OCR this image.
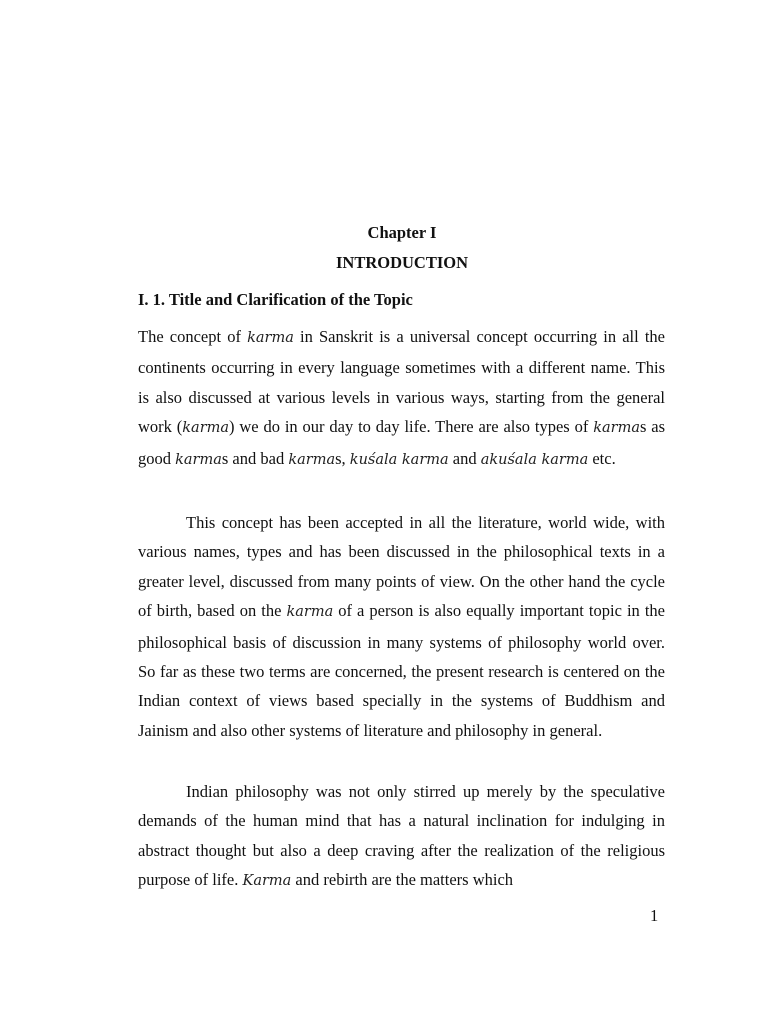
Chapter I

INTRODUCTION

I. 1. Title and Clarification of the Topic

The concept of karma in Sanskrit is a universal concept occurring in all the continents occurring in every language sometimes with a different name. This is also discussed at various levels in various ways, starting from the general work (karma) we do in our day to day life. There are also types of karmas as good karmas and bad karmas, kuśala karma and akuśala karma etc.

This concept has been accepted in all the literature, world wide, with various names, types and has been discussed in the philosophical texts in a greater level, discussed from many points of view. On the other hand the cycle of birth, based on the karma of a person is also equally important topic in the philosophical basis of discussion in many systems of philosophy world over. So far as these two terms are concerned, the present research is centered on the Indian context of views based specially in the systems of Buddhism and Jainism and also other systems of literature and philosophy in general.

Indian philosophy was not only stirred up merely by the speculative demands of the human mind that has a natural inclination for indulging in abstract thought but also a deep craving after the realization of the religious purpose of life. Karma and rebirth are the matters which

1
